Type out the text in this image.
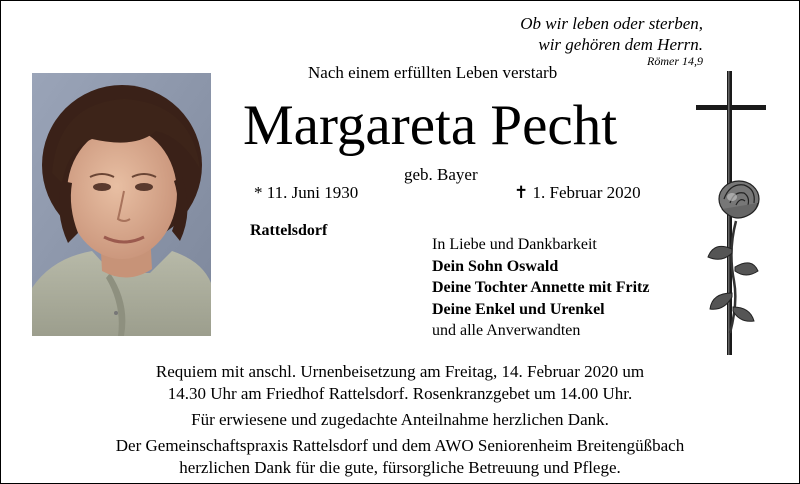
Ob wir leben oder sterben,
wir gehören dem Herrn.
Römer 14,9
Nach einem erfüllten Leben verstarb
Margareta Pecht
geb. Bayer
* 11. Juni 1930	✝ 1. Februar 2020
Rattelsdorf
In Liebe und Dankbarkeit
Dein Sohn Oswald
Deine Tochter Annette mit Fritz
Deine Enkel und Urenkel
und alle Anverwandten

Requiem mit anschl. Urnenbeisetzung am Freitag, 14. Februar 2020 um

14.30 Uhr am Friedhof Rattelsdorf. Rosenkranzgebet um 14.00 Uhr.

Für erwiesene und zugedachte Anteilnahme herzlichen Dank.

Der Gemeinschaftspraxis Rattelsdorf und dem AWO Seniorenheim Breitengüßbach

herzlichen Dank für die gute, fürsorgliche Betreuung und Pflege.
